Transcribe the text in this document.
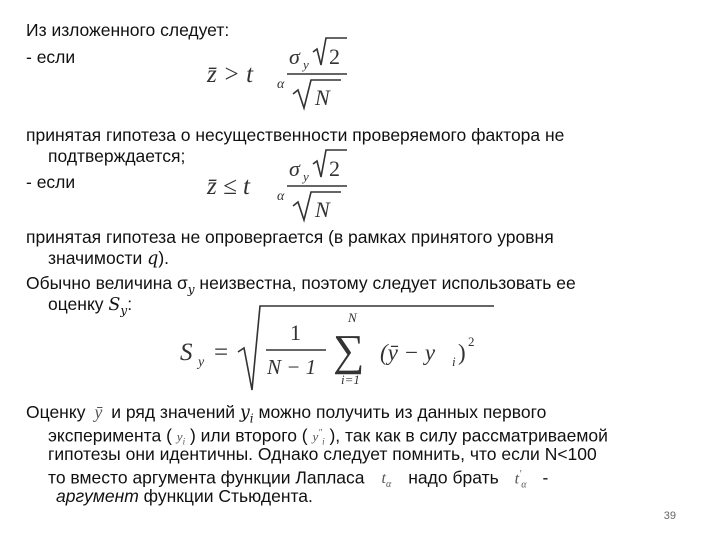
Из изложенного следует:
- если
z̄ > t α
σ y 2
N
принятая гипотеза о несущественности проверяемого фактора не
подтверждается;
- если	z̄ ≤ t α
σ y 2
N
принятая гипотеза не опровергается (в рамках принятого уровня
значимости q).
Обычно величина $\sigma_y$ неизвестна, поэтому следует использовать ее
оценку $S_y$:
S y =
1
N − 1
N
∑
i=1
(ȳ − y i ) 2
Оценку ȳ и ряд значений $y_i$ можно получить из данных первого
эксперимента ( $y_i$ ) или второго ( $y^"_i$ ), так как в силу рассматриваемой
гипотезы они идентичны. Однако следует помнить, что если N<100
то вместо аргумента функции Лапласа $t_\alpha$ надо брать $t'_\alpha$ -
аргумент функции Стьюдента.
39
